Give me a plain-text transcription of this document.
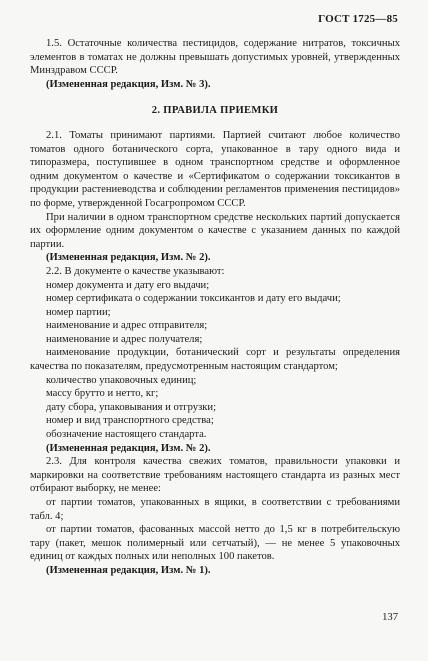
ГОСТ 1725—85

1.5. Остаточные количества пестицидов, содержание нитратов, токсичных элементов в томатах не должны превышать допустимых уровней, утвержденных Минздравом СССР.

(Измененная редакция, Изм. № 3).

2. ПРАВИЛА ПРИЕМКИ

2.1. Томаты принимают партиями. Партией считают любое количество томатов одного ботанического сорта, упакованное в тару одного вида и типоразмера, поступившее в одном транспортном средстве и оформленное одним документом о качестве и «Сертификатом о содержании токсикантов в продукции растениеводства и соблюдении регламентов применения пестицидов» по форме, утвержденной Госагропромом СССР.

При наличии в одном транспортном средстве нескольких партий допускается их оформление одним документом о качестве с указанием данных по каждой партии.

(Измененная редакция, Изм. № 2).

2.2. В документе о качестве указывают:

номер документа и дату его выдачи;

номер сертификата о содержании токсикантов и дату его выдачи;

номер партии;

наименование и адрес отправителя;

наименование и адрес получателя;

наименование продукции, ботанический сорт и результаты определения качества по показателям, предусмотренным настоящим стандартом;

количество упаковочных единиц;

массу брутто и нетто, кг;

дату сбора, упаковывания и отгрузки;

номер и вид транспортного средства;

обозначение настоящего стандарта.

(Измененная редакция, Изм. № 2).

2.3. Для контроля качества свежих томатов, правильности упаковки и маркировки на соответствие требованиям настоящего стандарта из разных мест отбирают выборку, не менее:

от партии томатов, упакованных в ящики, в соответствии с требованиями табл. 4;

от партии томатов, фасованных массой нетто до 1,5 кг в потребительскую тару (пакет, мешок полимерный или сетчатый), — не менее 5 упаковочных единиц от каждых полных или неполных 100 пакетов.

(Измененная редакция, Изм. № 1).

137
